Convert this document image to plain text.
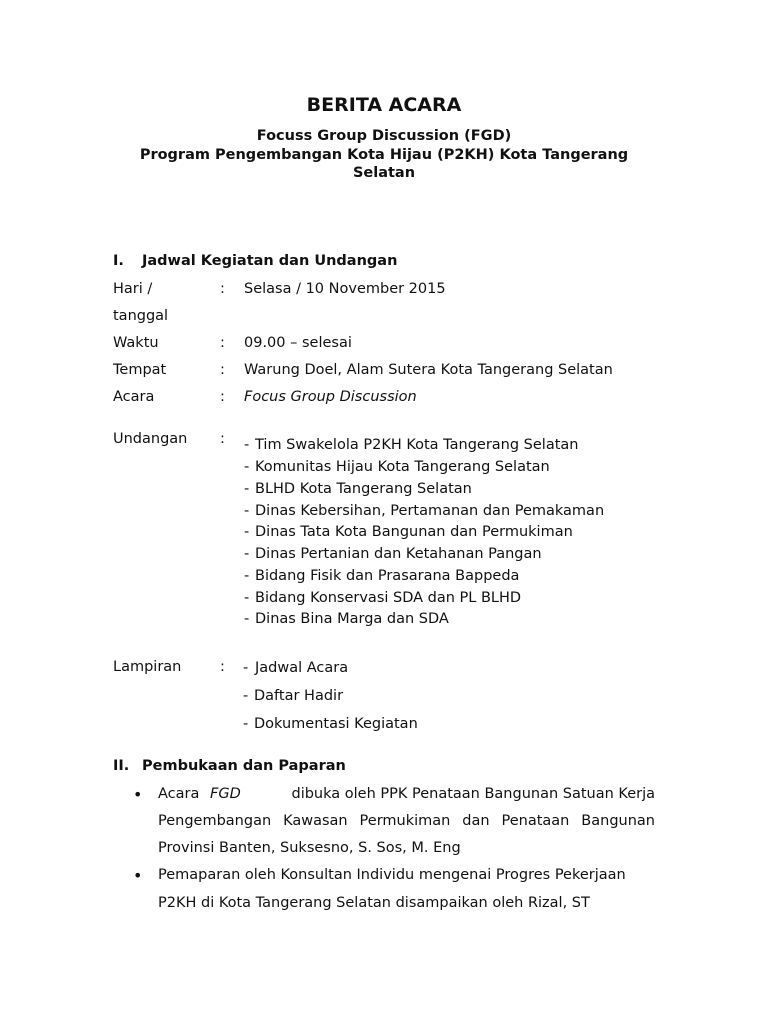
BERITA ACARA
Focuss Group Discussion (FGD)
Program Pengembangan Kota Hijau (P2KH) Kota Tangerang
Selatan
I. Jadwal Kegiatan dan Undangan
Hari /
tanggal
: Selasa / 10 November 2015
Waktu	: 09.00 – selesai
Tempat	: Warung Doel, Alam Sutera Kota Tangerang Selatan
Acara	: Focus Group Discussion
Undangan : - Tim Swakelola P2KH Kota Tangerang Selatan
- Komunitas Hijau Kota Tangerang Selatan
- BLHD Kota Tangerang Selatan
- Dinas Kebersihan, Pertamanan dan Pemakaman
- Dinas Tata Kota Bangunan dan Permukiman
- Dinas Pertanian dan Ketahanan Pangan
- Bidang Fisik dan Prasarana Bappeda
- Bidang Konservasi SDA dan PL BLHD
- Dinas Bina Marga dan SDA
Lampiran	: - Jadwal Acara
- Daftar Hadir
- Dokumentasi Kegiatan
II. Pembukaan dan Paparan
• Acara FGD	dibuka oleh PPK Penataan Bangunan Satuan Kerja
Pengembangan Kawasan Permukiman dan Penataan Bangunan
Provinsi Banten, Suksesno, S. Sos, M. Eng
• Pemaparan oleh Konsultan Individu mengenai Progres Pekerjaan
P2KH di Kota Tangerang Selatan disampaikan oleh Rizal, ST
